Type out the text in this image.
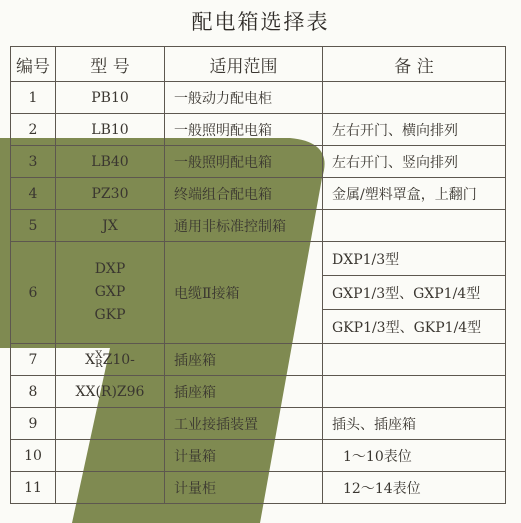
配电箱选择表
编号	型 号	适用范围	备 注
1	PB10	一般动力配电柜	
2	LB10	一般照明配电箱	左右开门、横向排列
3	LB40	一般照明配电箱	左右开门、竖向排列
4	PZ30	终端组合配电箱	金属/塑料罩盒，上翻门
5	JX	通用非标准控制箱	
6	DXP
GXP
GKP	电缆Ⅱ接箱	DXP1/3型
			GXP1/3型、GXP1/4型
			GKP1/3型、GKP1/4型
7	XX
RZ10-	插座箱	
8	XX(R)Z96	插座箱	
9		工业接插装置	插头、插座箱
10		计量箱	1～10表位
11		计量柜	12～14表位
